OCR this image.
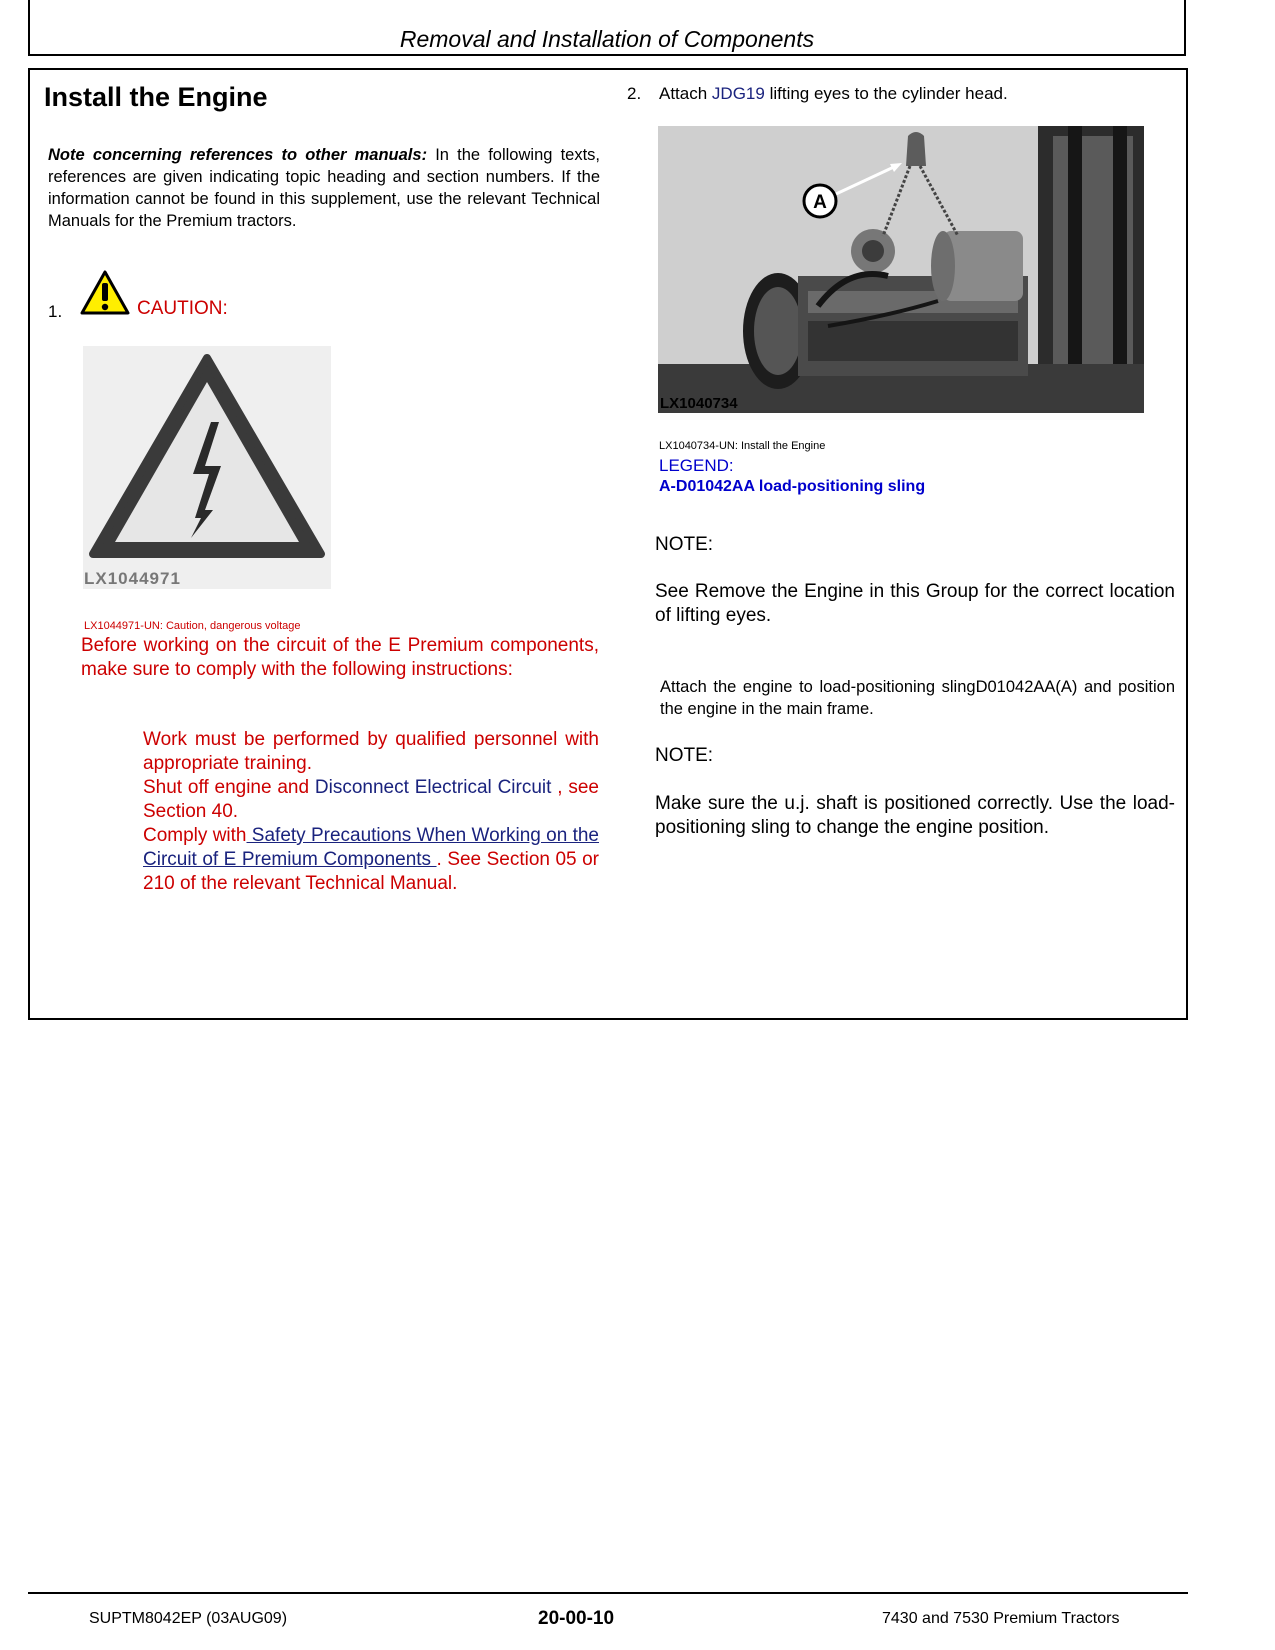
Removal and Installation of Components
Install the Engine
Note concerning references to other manuals: In the following texts, references are given indicating topic heading and section numbers. If the information cannot be found in this supplement, use the relevant Technical Manuals for the Premium tractors.
1.	CAUTION:
LX1044971
LX1044971-UN: Caution, dangerous voltage
Before working on the circuit of the E Premium components, make sure to comply with the following instructions:
Work must be performed by qualified personnel with appropriate training.
Shut off engine and Disconnect Electrical Circuit , see Section 40.
Comply with Safety Precautions When Working on the Circuit of E Premium Components . See Section 05 or 210 of the relevant Technical Manual.
2. Attach JDG19 lifting eyes to the cylinder head.
A
LX1040734
LX1040734-UN: Install the Engine
LEGEND:
A-D01042AA load-positioning sling
NOTE:
See Remove the Engine in this Group for the correct location of lifting eyes.
Attach the engine to load-positioning slingD01042AA(A) and position the engine in the main frame.
NOTE:
Make sure the u.j. shaft is positioned correctly. Use the load-positioning sling to change the engine position.
SUPTM8042EP (03AUG09)	20-00-10	7430 and 7530 Premium Tractors
